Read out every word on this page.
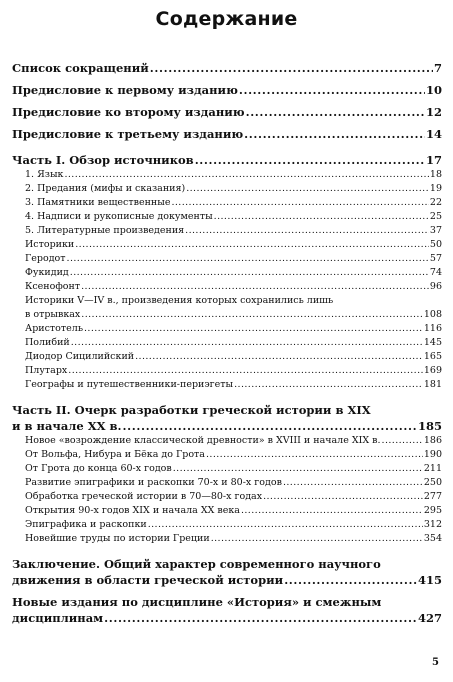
Содержание
Список сокращений .....	7
Предисловие к первому изданию .....	10
Предисловие ко второму изданию .....	12
Предисловие к третьему изданию .....	14
Часть I. Обзор источников .....	17
1. Язык .....	18
2. Предания (мифы и сказания) .....	19
3. Памятники вещественные .....	22
4. Надписи и рукописные документы .....	25
5. Литературные произведения .....	37
Историки .....	50
Геродот .....	57
Фукидид .....	74
Ксенофонт .....	96
Историки V—IV в., произведения которых сохранились лишь
в отрывках .....	108
Аристотель .....	116
Полибий .....	145
Диодор Сицилийский .....	165
Плутарх .....	169
Географы и путешественники-периэгеты .....	181
Часть II. Очерк разработки греческой истории в XIX
и в начале XX в. .....	185
Новое «возрождение классической древности» в XVIII и начале XIX в. .....	186
От Вольфа, Нибура и Бёка до Грота .....	190
От Грота до конца 60-х годов .....	211
Развитие эпиграфики и раскопки 70-х и 80-х годов .....	250
Обработка греческой истории в 70—80-х годах .....	277
Открытия 90-х годов XIX и начала XX века .....	295
Эпиграфика и раскопки .....	312
Новейшие труды по истории Греции .....	354
Заключение. Общий характер современного научного
движения в области греческой истории .....	415
Новые издания по дисциплине «История» и смежным
дисциплинам .....	427
5
